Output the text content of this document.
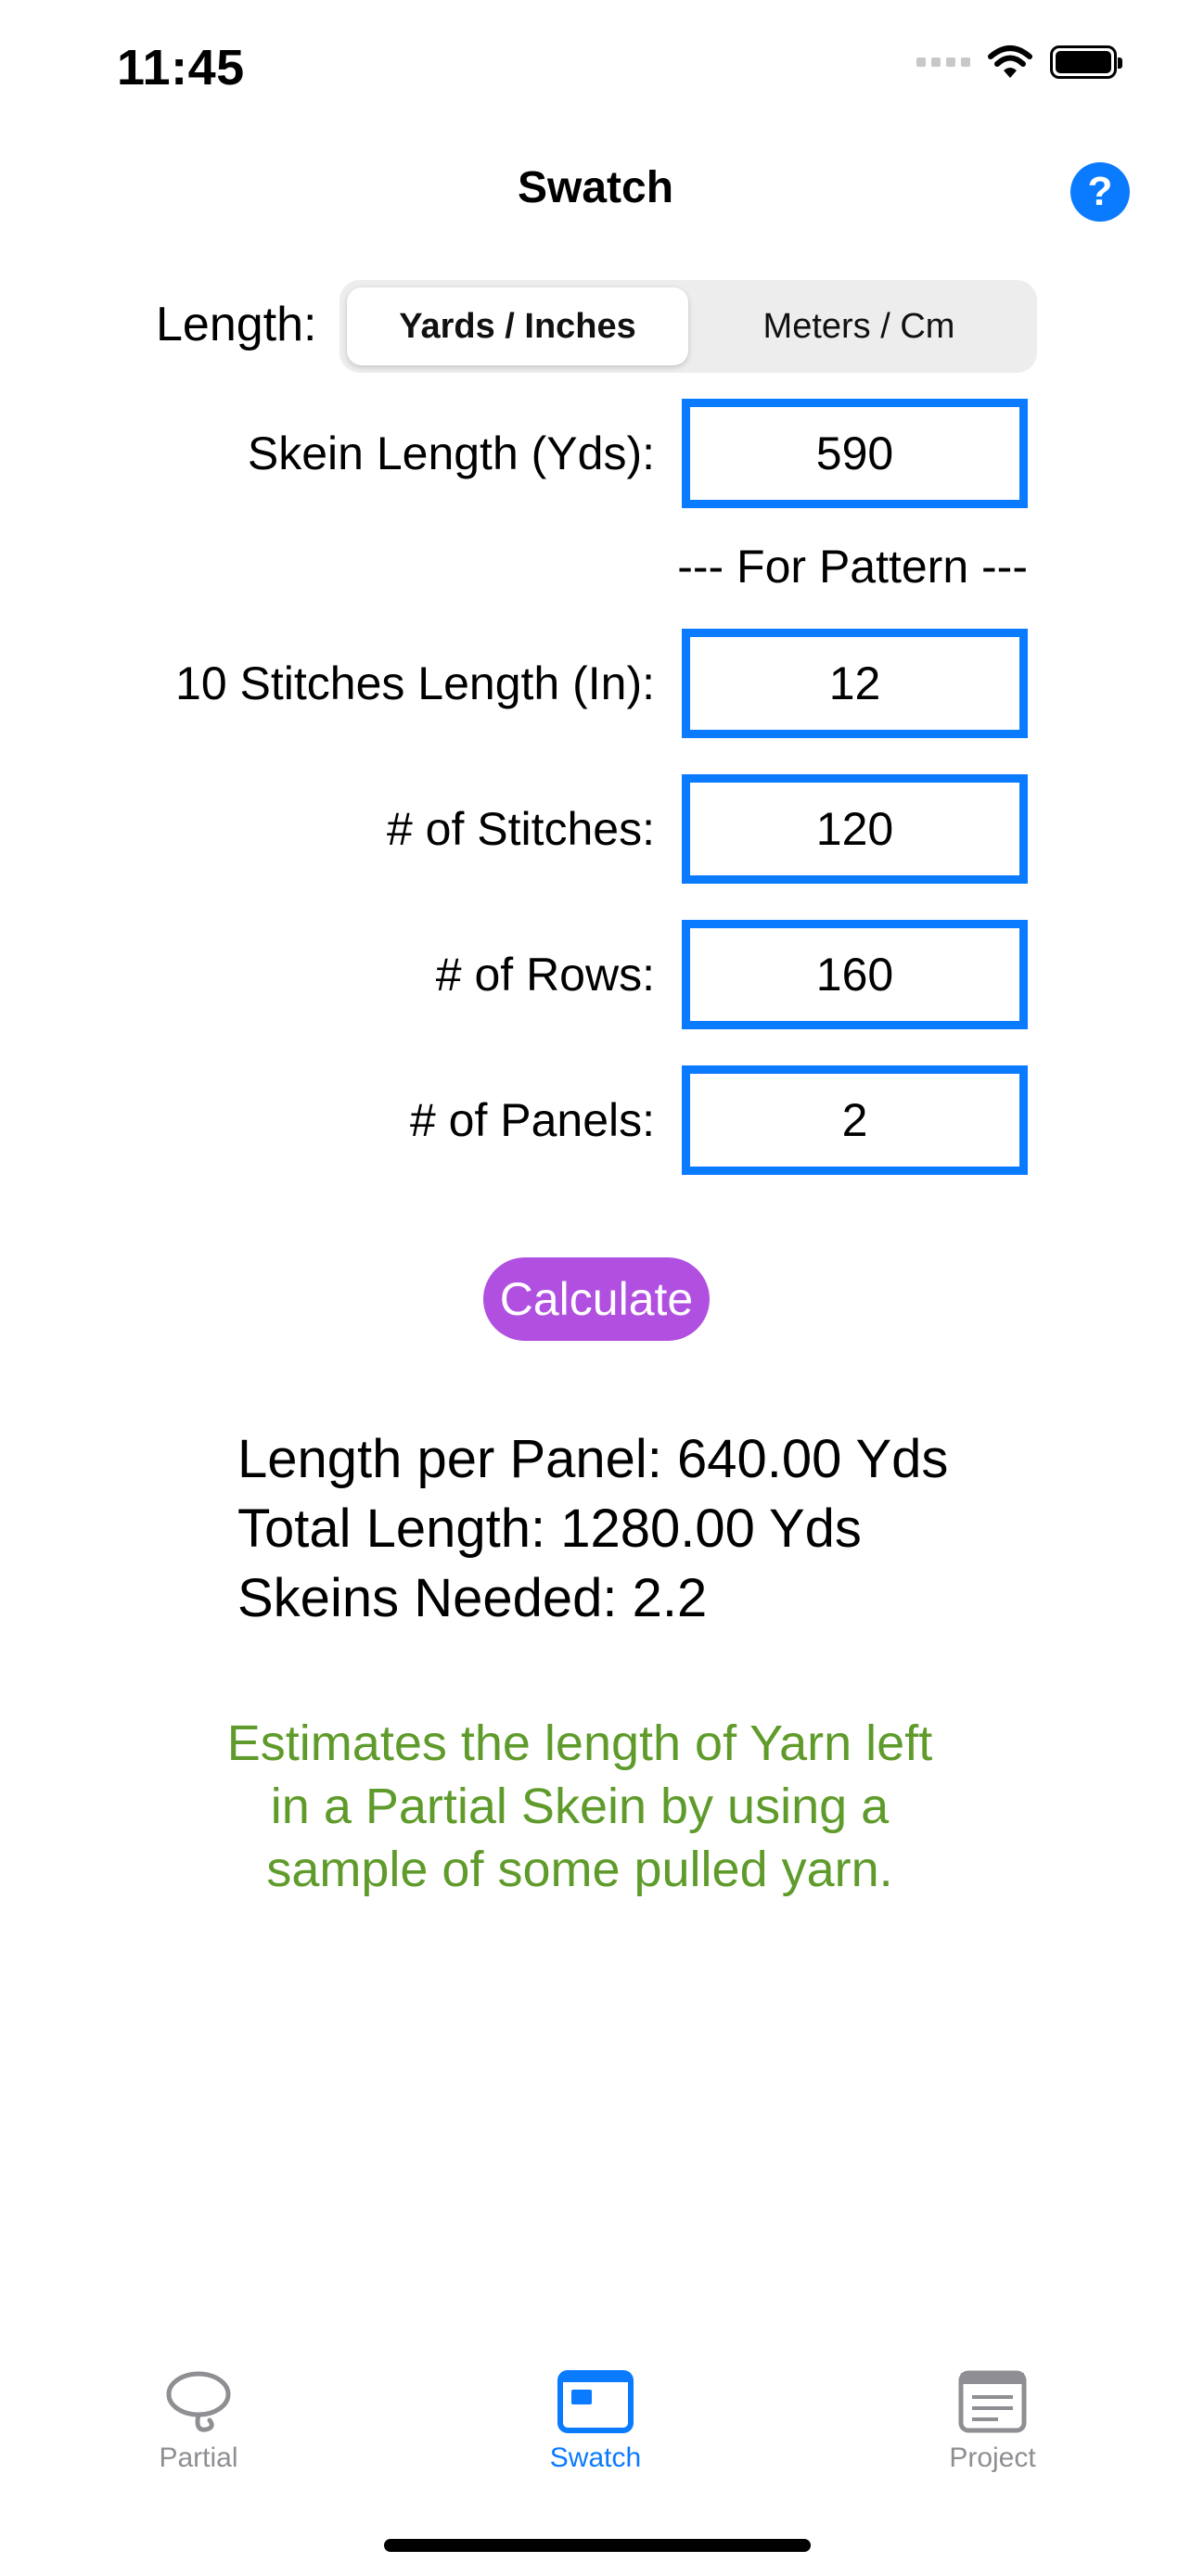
11:45
Swatch	?
Length:	Yards / Inches	Meters / Cm
Skein Length (Yds):	590
--- For Pattern ---
10 Stitches Length (In):	12
# of Stitches:	120
# of Rows:	160
# of Panels:	2
Calculate
Length per Panel: 640.00 Yds
Total Length: 1280.00 Yds
Skeins Needed: 2.2
Estimates the length of Yarn left
in a Partial Skein by using a
sample of some pulled yarn.
Partial	Swatch	Project
